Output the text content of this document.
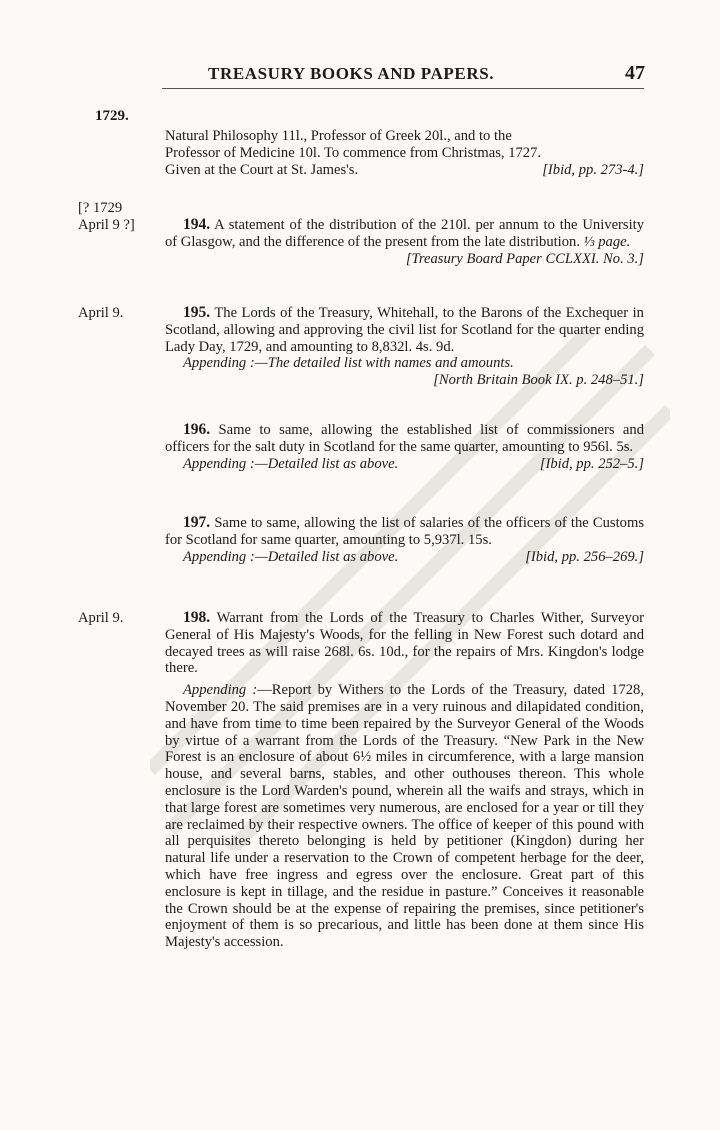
TREASURY BOOKS AND PAPERS.	47
1729.

Natural Philosophy 11l., Professor of Greek 20l., and to the

Professor of Medicine 10l. To commence from Christmas, 1727.

Given at the Court at St. James's.	[Ibid, pp. 273-4.]
[? 1729
April 9 ?]	194. A statement of the distribution of the 210l. per annum to the University of Glasgow, and the difference of the present from the late distribution. ⅓ page.

[Treasury Board Paper CCLXXI. No. 3.]

April 9.	195. The Lords of the Treasury, Whitehall, to the Barons of the Exchequer in Scotland, allowing and approving the civil list for Scotland for the quarter ending Lady Day, 1729, and amounting to 8,832l. 4s. 9d.

Appending :—The detailed list with names and amounts.

[North Britain Book IX. p. 248–51.]

196. Same to same, allowing the established list of commissioners and officers for the salt duty in Scotland for the same quarter, amounting to 956l. 5s.

Appending :—Detailed list as above.	[Ibid, pp. 252–5.]

197. Same to same, allowing the list of salaries of the officers of the Customs for Scotland for same quarter, amounting to 5,937l. 15s.

Appending :—Detailed list as above.	[Ibid, pp. 256–269.]
April 9.	198. Warrant from the Lords of the Treasury to Charles Wither, Surveyor General of His Majesty's Woods, for the felling in New Forest such dotard and decayed trees as will raise 268l. 6s. 10d., for the repairs of Mrs. Kingdon's lodge there.

Appending :—Report by Withers to the Lords of the Treasury, dated 1728, November 20. The said premises are in a very ruinous and dilapidated condition, and have from time to time been repaired by the Surveyor General of the Woods by virtue of a warrant from the Lords of the Treasury. “New Park in the New Forest is an enclosure of about 6½ miles in circumference, with a large mansion house, and several barns, stables, and other outhouses thereon. This whole enclosure is the Lord Warden's pound, wherein all the waifs and strays, which in that large forest are sometimes very numerous, are enclosed for a year or till they are reclaimed by their respective owners. The office of keeper of this pound with all perquisites thereto belonging is held by petitioner (Kingdon) during her natural life under a reservation to the Crown of competent herbage for the deer, which have free ingress and egress over the enclosure. Great part of this enclosure is kept in tillage, and the residue in pasture.” Conceives it reasonable the Crown should be at the expense of repairing the premises, since petitioner's enjoyment of them is so precarious, and little has been done at them since His Majesty's accession.
